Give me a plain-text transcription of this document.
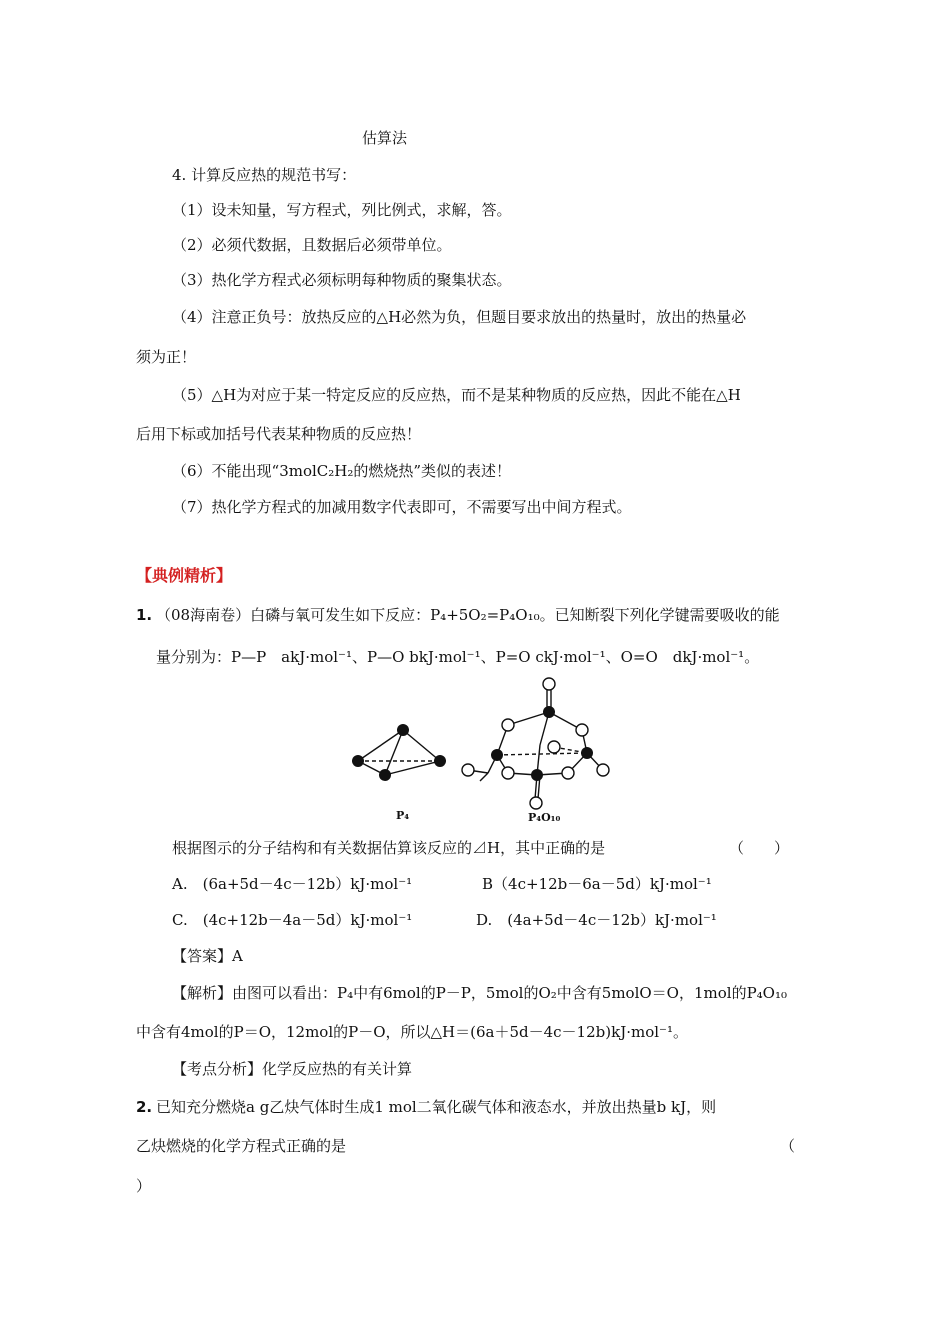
估算法
4. 计算反应热的规范书写：
（1）设未知量，写方程式，列比例式，求解，答。
（2）必须代数据，且数据后必须带单位。
（3）热化学方程式必须标明每种物质的聚集状态。
（4）注意正负号：放热反应的△H必然为负，但题目要求放出的热量时，放出的热量必
须为正！
（5）△H为对应于某一特定反应的反应热，而不是某种物质的反应热，因此不能在△H
后用下标或加括号代表某种物质的反应热！
（6）不能出现“3molC₂H₂的燃烧热”类似的表述！
（7）热化学方程式的加减用数字代表即可，不需要写出中间方程式。
【典例精析】
1. （08海南卷）白磷与氧可发生如下反应：P₄+5O₂=P₄O₁₀。已知断裂下列化学键需要吸收的能
量分别为：P—P　akJ·mol⁻¹、P—O bkJ·mol⁻¹、P=O ckJ·mol⁻¹、O=O　dkJ·mol⁻¹。
P₄	P₄O₁₀
根据图示的分子结构和有关数据估算该反应的⊿H，其中正确的是	（　　）
A.　(6a+5d－4c－12b）kJ·mol⁻¹	B（4c+12b－6a－5d）kJ·mol⁻¹
C.　(4c+12b－4a－5d）kJ·mol⁻¹	D.　(4a+5d－4c－12b）kJ·mol⁻¹
【答案】A
【解析】由图可以看出：P₄中有6mol的P－P，5mol的O₂中含有5molO＝O，1mol的P₄O₁₀
中含有4mol的P＝O，12mol的P－O，所以△H＝(6a＋5d－4c－12b)kJ·mol⁻¹。
【考点分析】化学反应热的有关计算
2. 已知充分燃烧a g乙炔气体时生成1 mol二氧化碳气体和液态水，并放出热量b kJ，则
乙炔燃烧的化学方程式正确的是	（
）
